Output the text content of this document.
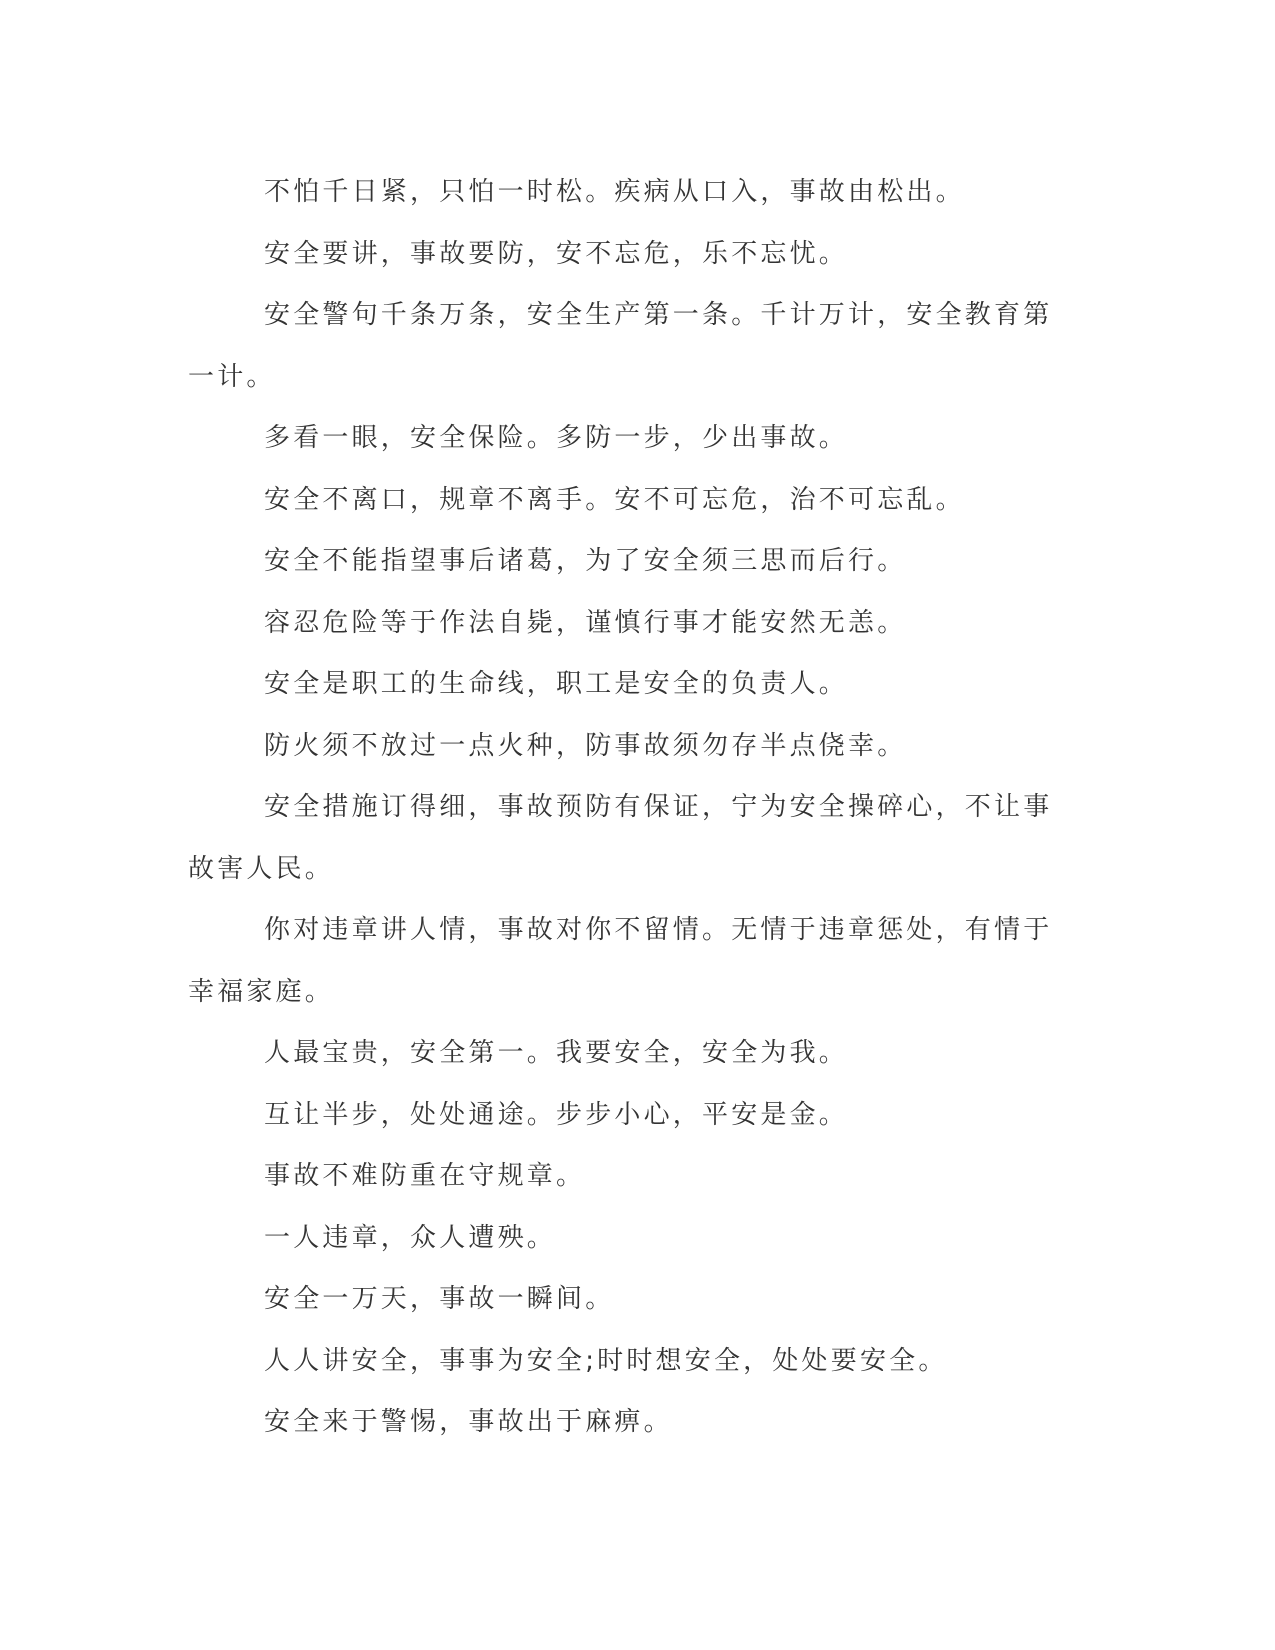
不怕千日紧，只怕一时松。疾病从口入，事故由松出。

安全要讲，事故要防，安不忘危，乐不忘忧。

安全警句千条万条，安全生产第一条。千计万计，安全教育第一计。

多看一眼，安全保险。多防一步，少出事故。

安全不离口，规章不离手。安不可忘危，治不可忘乱。

安全不能指望事后诸葛，为了安全须三思而后行。

容忍危险等于作法自毙，谨慎行事才能安然无恙。

安全是职工的生命线，职工是安全的负责人。

防火须不放过一点火种，防事故须勿存半点侥幸。

安全措施订得细，事故预防有保证，宁为安全操碎心，不让事故害人民。

你对违章讲人情，事故对你不留情。无情于违章惩处，有情于幸福家庭。

人最宝贵，安全第一。我要安全，安全为我。

互让半步，处处通途。步步小心，平安是金。

事故不难防重在守规章。

一人违章，众人遭殃。

安全一万天，事故一瞬间。

人人讲安全，事事为安全;时时想安全，处处要安全。

安全来于警惕，事故出于麻痹。
